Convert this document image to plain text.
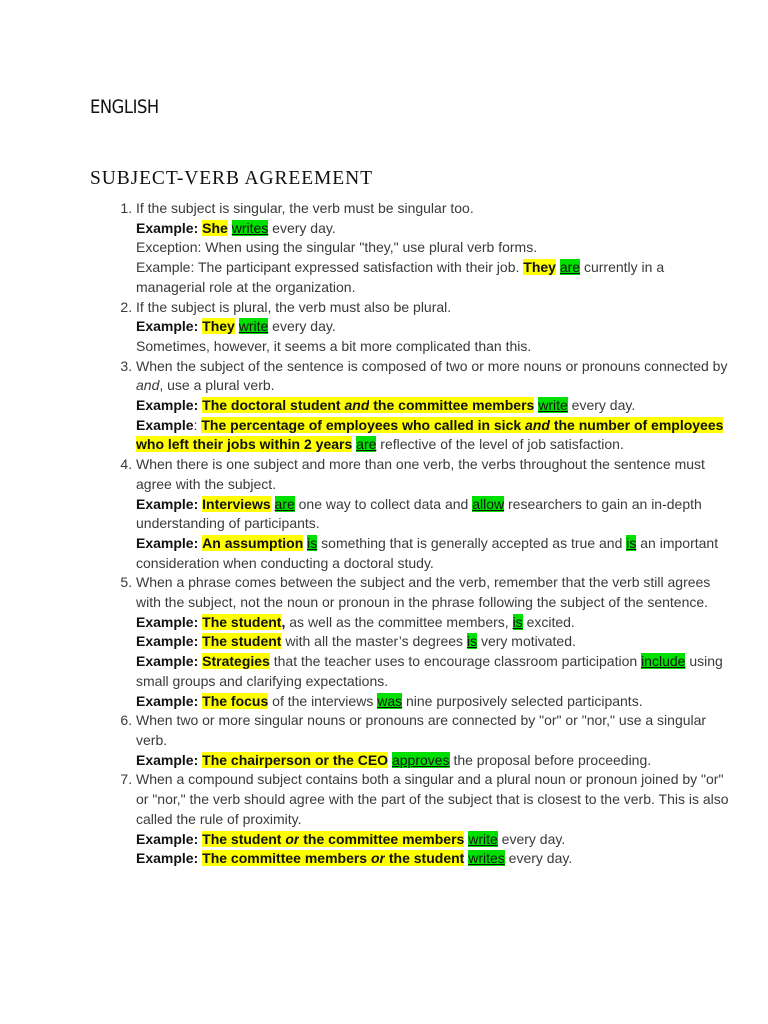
ENGLISH
SUBJECT-VERB AGREEMENT
1. If the subject is singular, the verb must be singular too.
Example: She writes every day.
Exception: When using the singular "they," use plural verb forms.
Example: The participant expressed satisfaction with their job. They are currently in a managerial role at the organization.
2. If the subject is plural, the verb must also be plural.
Example: They write every day.
Sometimes, however, it seems a bit more complicated than this.
3. When the subject of the sentence is composed of two or more nouns or pronouns connected by and, use a plural verb.
Example: The doctoral student and the committee members write every day.
Example: The percentage of employees who called in sick and the number of employees who left their jobs within 2 years are reflective of the level of job satisfaction.
4. When there is one subject and more than one verb, the verbs throughout the sentence must agree with the subject.
Example: Interviews are one way to collect data and allow researchers to gain an in-depth understanding of participants.
Example: An assumption is something that is generally accepted as true and is an important consideration when conducting a doctoral study.
5. When a phrase comes between the subject and the verb, remember that the verb still agrees with the subject, not the noun or pronoun in the phrase following the subject of the sentence.
Example: The student, as well as the committee members, is excited.
Example: The student with all the master’s degrees is very motivated.
Example: Strategies that the teacher uses to encourage classroom participation include using small groups and clarifying expectations.
Example: The focus of the interviews was nine purposively selected participants.
6. When two or more singular nouns or pronouns are connected by "or" or "nor," use a singular verb.
Example: The chairperson or the CEO approves the proposal before proceeding.
7. When a compound subject contains both a singular and a plural noun or pronoun joined by "or" or "nor," the verb should agree with the part of the subject that is closest to the verb. This is also called the rule of proximity.
Example: The student or the committee members write every day.
Example: The committee members or the student writes every day.
